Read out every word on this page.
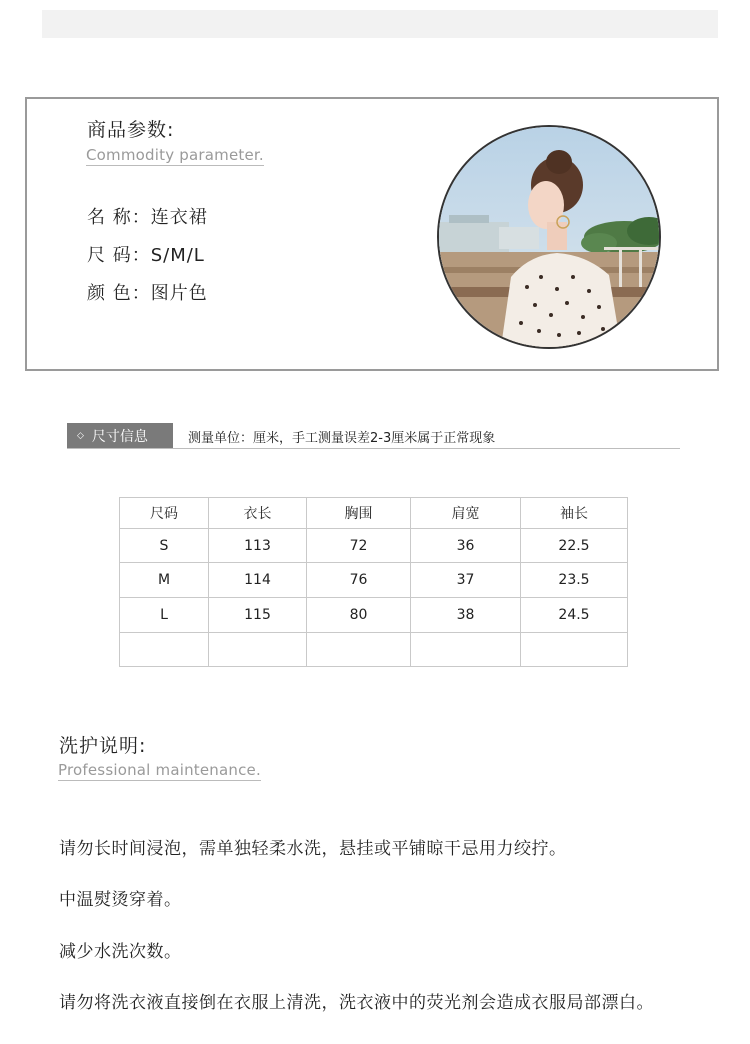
商品参数:
Commodity parameter.
名 称：连衣裙
尺 码：S/M/L
颜 色：图片色
◇ 尺寸信息	测量单位：厘米，手工测量误差2-3厘米属于正常现象
尺码	衣长	胸围	肩宽	袖长
S	113	72	36	22.5
M	114	76	37	23.5
L	115	80	38	24.5

洗护说明:
Professional maintenance.
请勿长时间浸泡，需单独轻柔水洗，悬挂或平铺晾干忌用力绞拧。
中温熨烫穿着。
减少水洗次数。
请勿将洗衣液直接倒在衣服上清洗，洗衣液中的荧光剂会造成衣服局部漂白。
